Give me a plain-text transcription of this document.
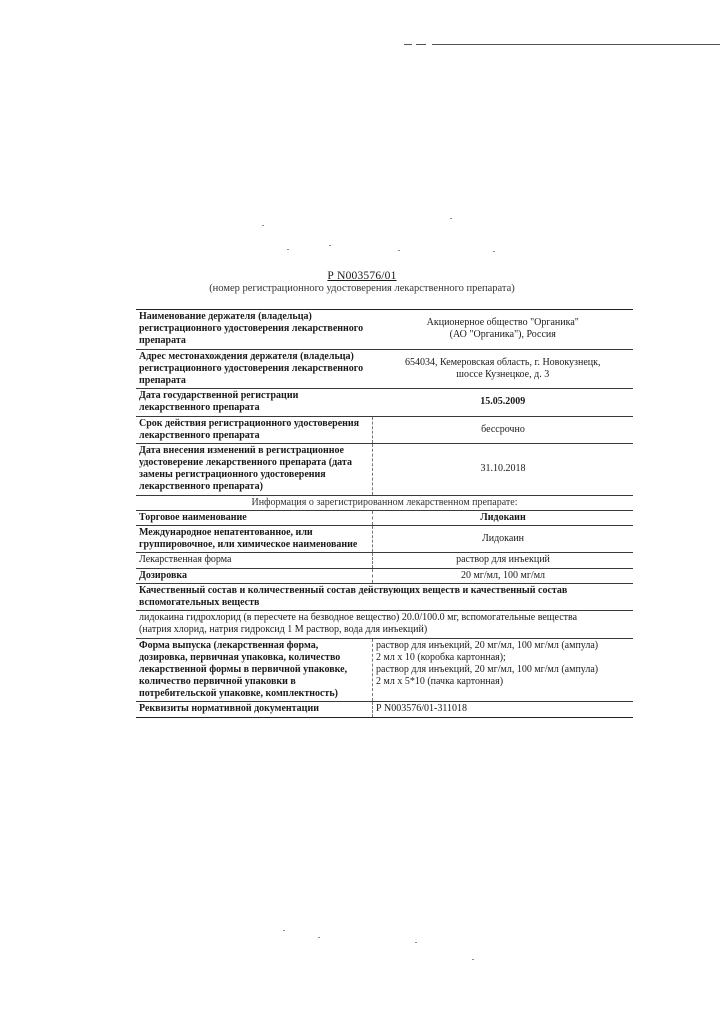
Р N003576/01
(номер регистрационного удостоверения лекарственного препарата)
Наименование держателя (владельца) регистрационного удостоверения лекарственного препарата	Акционерное общество "Органика"
(АО "Органика"), Россия

Адрес местонахождения держателя (владельца) регистрационного удостоверения лекарственного препарата	654034, Кемеровская область, г. Новокузнецк,
шоссе Кузнецкое, д. 3

Дата государственной регистрации лекарственного препарата	15.05.2009
Срок действия регистрационного удостоверения лекарственного препарата	бессрочно
Дата внесения изменений в регистрационное удостоверение лекарственного препарата (дата замены регистрационного удостоверения лекарственного препарата)	31.10.2018
Информация о зарегистрированном лекарственном препарате:	
Торговое наименование	Лидокаин
Международное непатентованное, или группировочное, или химическое наименование	Лидокаин
Лекарственная форма	раствор для инъекций
Дозировка	20 мг/мл, 100 мг/мл
Качественный состав и количественный состав действующих веществ и качественный состав вспомогательных веществ	

лидокаина гидрохлорид (в пересчете на безводное вещество) 20.0/100.0 мг, вспомогательные вещества
(натрия хлорид, натрия гидроксид 1 М раствор, вода для инъекций)	

Форма выпуска (лекарственная форма, дозировка, первичная упаковка, количество лекарственной формы в первичной упаковке, количество первичной упаковки в потребительской упаковке, комплектность)	раствор для инъекций, 20 мг/мл, 100 мг/мл (ампула)
2 мл x 10 (коробка картонная);
раствор для инъекций, 20 мг/мл, 100 мг/мл (ампула)
2 мл x 5*10 (пачка картонная)

Реквизиты нормативной документации	Р N003576/01-311018
